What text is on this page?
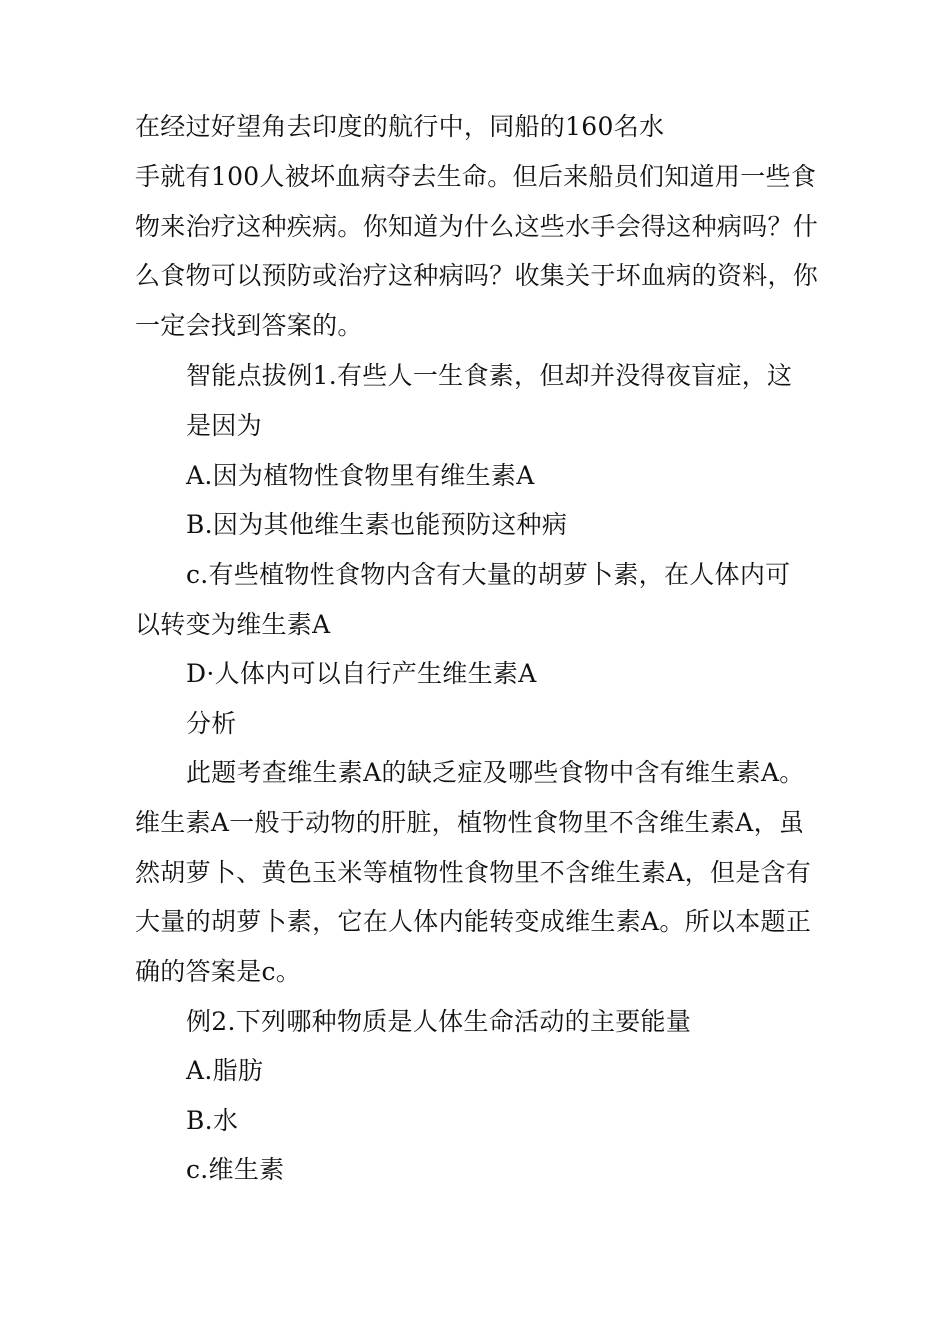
在经过好望角去印度的航行中，同船的160名水
手就有100人被坏血病夺去生命。但后来船员们知道用一些食
物来治疗这种疾病。你知道为什么这些水手会得这种病吗？什
么食物可以预防或治疗这种病吗？收集关于坏血病的资料，你
一定会找到答案的。
智能点拔例1.有些人一生食素，但却并没得夜盲症，这
是因为
A.因为植物性食物里有维生素A
B.因为其他维生素也能预防这种病
c.有些植物性食物内含有大量的胡萝卜素，在人体内可
以转变为维生素A
D·人体内可以自行产生维生素A
分析
此题考查维生素A的缺乏症及哪些食物中含有维生素A。
维生素A一般于动物的肝脏，植物性食物里不含维生素A，虽
然胡萝卜、黄色玉米等植物性食物里不含维生素A，但是含有
大量的胡萝卜素，它在人体内能转变成维生素A。所以本题正
确的答案是c。
例2.下列哪种物质是人体生命活动的主要能量
A.脂肪
B.水
c.维生素
